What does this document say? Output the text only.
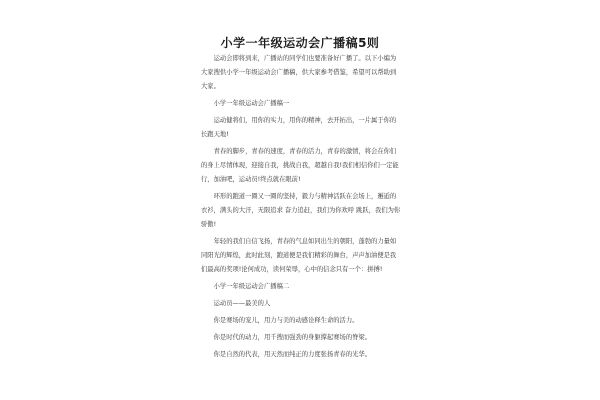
小学一年级运动会广播稿5则

运动会即将到来，广播站的同学们也要准备好广播了。以下小编为大家搜供小学一年级运动会广播稿，供大家参考借鉴，希望可以帮助到大家。

小学一年级运动会广播稿一

运动健将们，用你的实力，用你的精神，去开拓出，一片属于你的长跑天地!

青春的脚步，青春的速度，青春的活力，青春的激情，将会在你们的身上尽情体现，迎接自我，挑战自我，超越自我!我们相信你们一定能行，加油吧，运动员!终点就在眼前!

环形的跑道一圈又一圈的坚持，毅力与精神活跃在会场上，邂逅的衣衫，满头的大汗，无限追求 奋力追赶，我们为你欢呼 跳跃，我们为你骄傲!

年轻的我们自信飞扬，青春的气息如同出生的朝阳，蓬勃的力量如同阳光的辉煌，此时此刻，跑道便是我们精彩的舞台，声声加油便是我们最高的奖项!论何成功，读何荣辱，心中的信念只有一个：拼搏!

小学一年级运动会广播稿二

运动员——最美的人

你是赛场的宠儿，用力与美的动感诠释生命的活力。

你是时代的动力，用千搜而强劲的身躯撑起赛场的脊梁。

你是自然的代表，用天然而纯正的力度张扬青春的光华。
